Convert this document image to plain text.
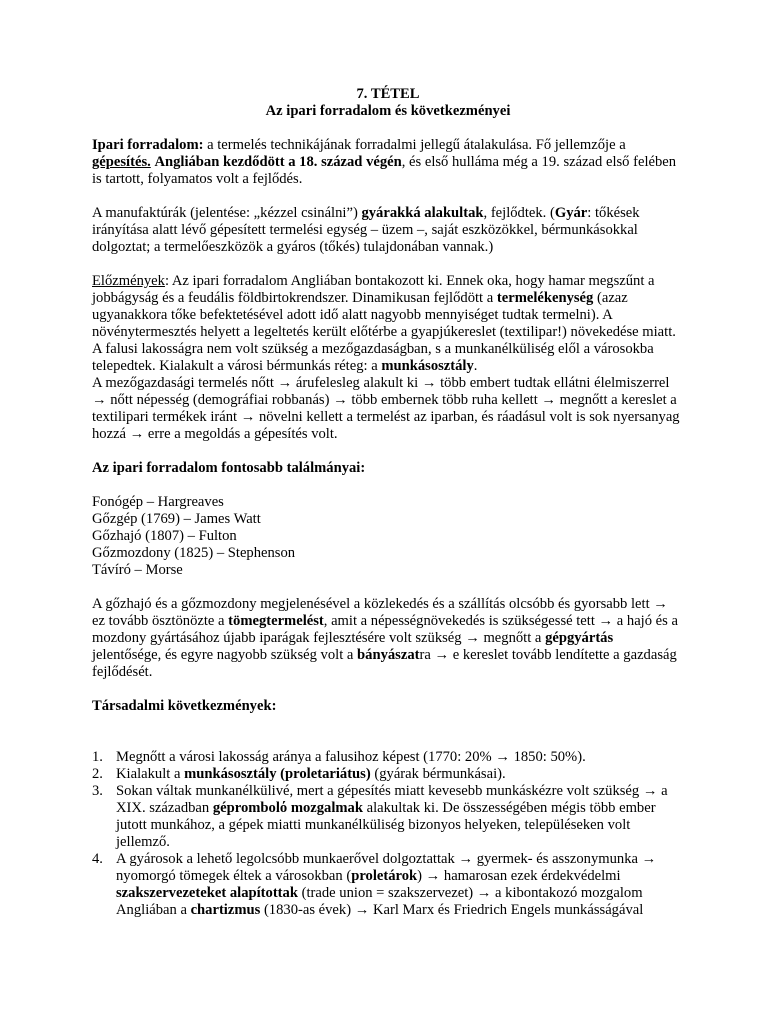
7. TÉTEL

Az ipari forradalom és következményei

Ipari forradalom: a termelés technikájának forradalmi jellegű átalakulása. Fő jellemzője a gépesítés. Angliában kezdődött a 18. század végén, és első hulláma még a 19. század első felében is tartott, folyamatos volt a fejlődés.

A manufaktúrák (jelentése: „kézzel csinálni”) gyárakká alakultak, fejlődtek. (Gyár: tőkések irányítása alatt lévő gépesített termelési egység – üzem –, saját eszközökkel, bérmunkásokkal dolgoztat; a termelőeszközök a gyáros (tőkés) tulajdonában vannak.)

Előzmények: Az ipari forradalom Angliában bontakozott ki. Ennek oka, hogy hamar megszűnt a jobbágyság és a feudális földbirtokrendszer. Dinamikusan fejlődött a termelékenység (azaz ugyanakkora tőke befektetésével adott idő alatt nagyobb mennyiséget tudtak termelni). A növénytermesztés helyett a legeltetés került előtérbe a gyapjúkereslet (textilipar!) növekedése miatt. A falusi lakosságra nem volt szükség a mezőgazdaságban, s a munkanélküliség elől a városokba telepedtek. Kialakult a városi bérmunkás réteg: a munkásosztály.

A mezőgazdasági termelés nőtt → árufelesleg alakult ki → több embert tudtak ellátni élelmiszerrel → nőtt népesség (demográfiai robbanás) → több embernek több ruha kellett → megnőtt a kereslet a textilipari termékek iránt → növelni kellett a termelést az iparban, és ráadásul volt is sok nyersanyag hozzá → erre a megoldás a gépesítés volt.

Az ipari forradalom fontosabb találmányai:

Fonógép – Hargreaves

Gőzgép (1769) – James Watt

Gőzhajó (1807) – Fulton

Gőzmozdony (1825) – Stephenson

Távíró – Morse

A gőzhajó és a gőzmozdony megjelenésével a közlekedés és a szállítás olcsóbb és gyorsabb lett → ez tovább ösztönözte a tömegtermelést, amit a népességnövekedés is szükségessé tett → a hajó és a mozdony gyártásához újabb iparágak fejlesztésére volt szükség → megnőtt a gépgyártás jelentősége, és egyre nagyobb szükség volt a bányászatra → e kereslet tovább lendítette a gazdaság fejlődését.

Társadalmi következmények:

1. Megnőtt a városi lakosság aránya a falusihoz képest (1770: 20% → 1850: 50%).
2. Kialakult a munkásosztály (proletariátus) (gyárak bérmunkásai).
3. Sokan váltak munkanélkülivé, mert a gépesítés miatt kevesebb munkáskézre volt szükség → a XIX. században géprombolό mozgalmak alakultak ki. De összességében mégis több ember jutott munkához, a gépek miatti munkanélküliség bizonyos helyeken, településeken volt jellemző.
4. A gyárosok a lehető legolcsóbb munkaerővel dolgoztattak → gyermek- és asszonymunka → nyomorgó tömegek éltek a városokban (proletárok) → hamarosan ezek érdekvédelmi szakszervezeteket alapítottak (trade union = szakszervezet) → a kibontakozó mozgalom Angliában a chartizmus (1830-as évek) → Karl Marx és Friedrich Engels munkásságával
